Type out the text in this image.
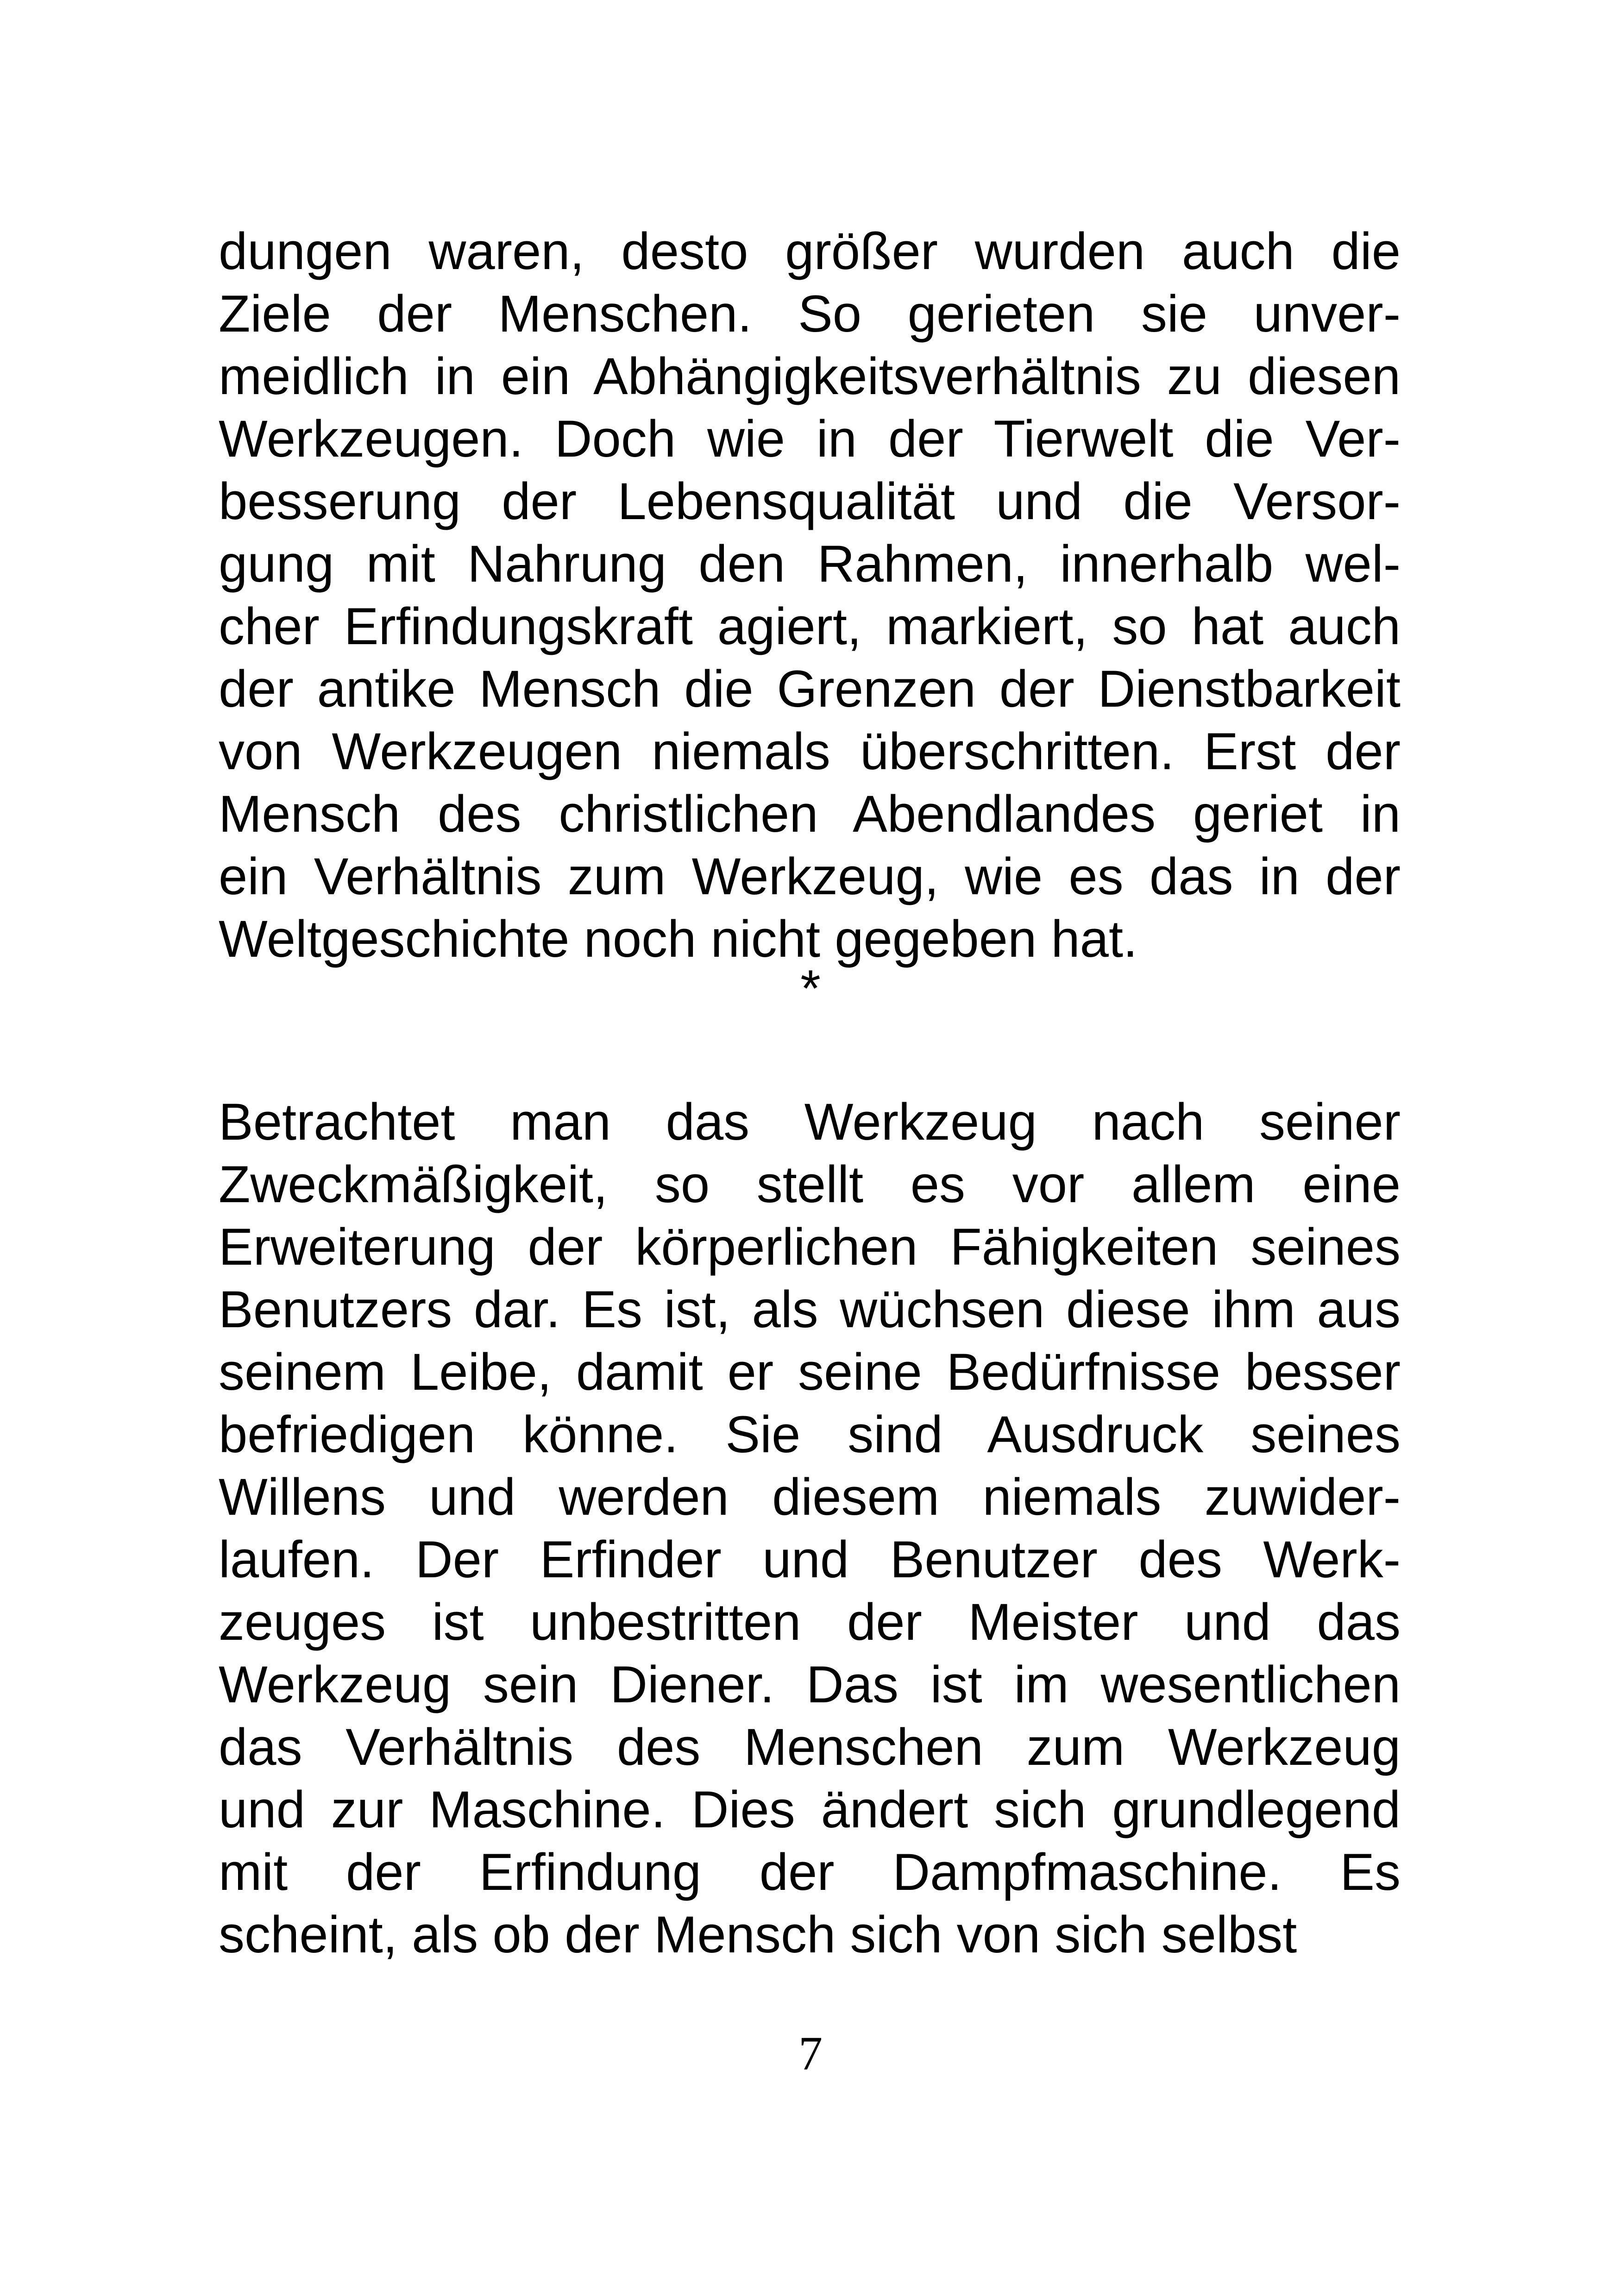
dungen waren, desto größer wurden auch die
Ziele der Menschen. So gerieten sie unver-
meidlich in ein Abhängigkeitsverhältnis zu diesen
Werkzeugen. Doch wie in der Tierwelt die Ver-
besserung der Lebensqualität und die Versor-
gung mit Nahrung den Rahmen, innerhalb wel-
cher Erfindungskraft agiert, markiert, so hat auch
der antike Mensch die Grenzen der Dienstbarkeit
von Werkzeugen niemals überschritten. Erst der
Mensch des christlichen Abendlandes geriet in
ein Verhältnis zum Werkzeug, wie es das in der
Weltgeschichte noch nicht gegeben hat.
*
Betrachtet man das Werkzeug nach seiner
Zweckmäßigkeit, so stellt es vor allem eine
Erweiterung der körperlichen Fähigkeiten seines
Benutzers dar. Es ist, als wüchsen diese ihm aus
seinem Leibe, damit er seine Bedürfnisse besser
befriedigen könne. Sie sind Ausdruck seines
Willens und werden diesem niemals zuwider-
laufen. Der Erfinder und Benutzer des Werk-
zeuges ist unbestritten der Meister und das
Werkzeug sein Diener. Das ist im wesentlichen
das Verhältnis des Menschen zum Werkzeug
und zur Maschine. Dies ändert sich grundlegend
mit der Erfindung der Dampfmaschine. Es
scheint, als ob der Mensch sich von sich selbst
7
